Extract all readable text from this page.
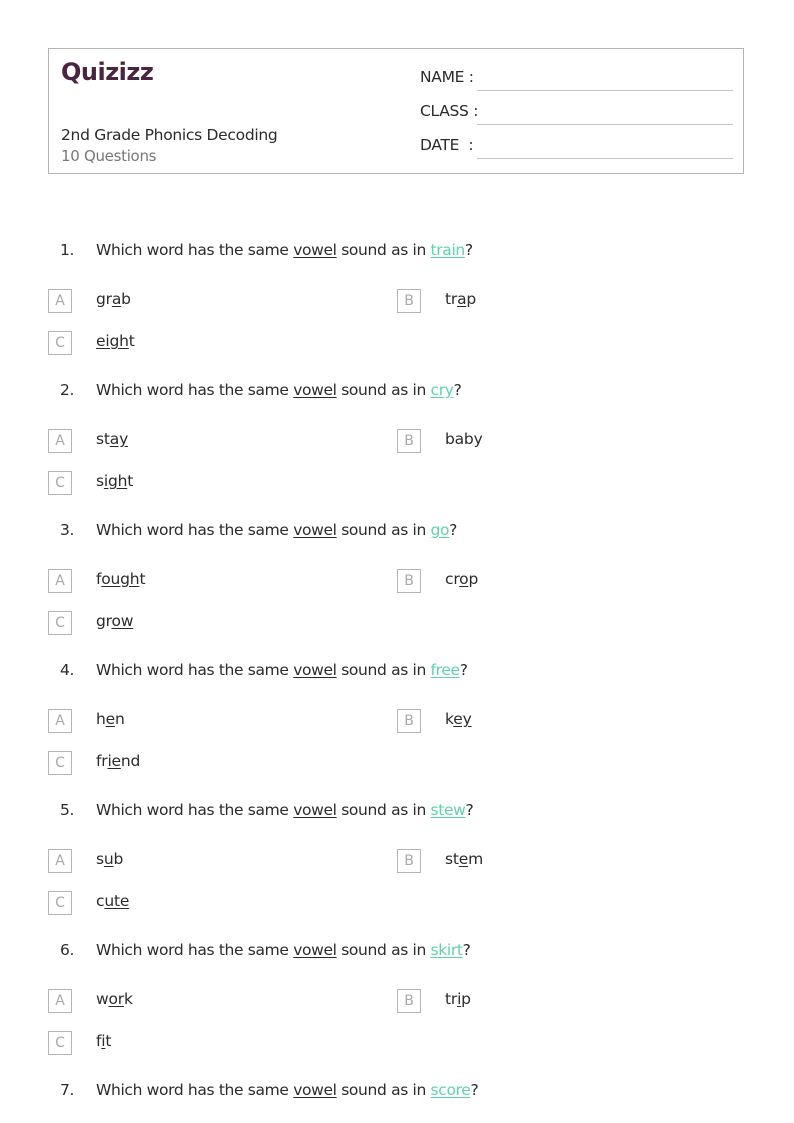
Quizizz
2nd Grade Phonics Decoding
10 Questions
NAME :
CLASS :
DATE  :
1. Which word has the same vowel sound as in train?
A	grab	B	trap
C	eight
2. Which word has the same vowel sound as in cry?
A	stay	B	baby
C	sight
3. Which word has the same vowel sound as in go?
A	fought	B	crop
C	grow
4. Which word has the same vowel sound as in free?
A	hen	B	key
C	friend
5. Which word has the same vowel sound as in stew?
A	sub	B	stem
C	cute
6. Which word has the same vowel sound as in skirt?
A	work	B	trip
C	fit
7. Which word has the same vowel sound as in score?
